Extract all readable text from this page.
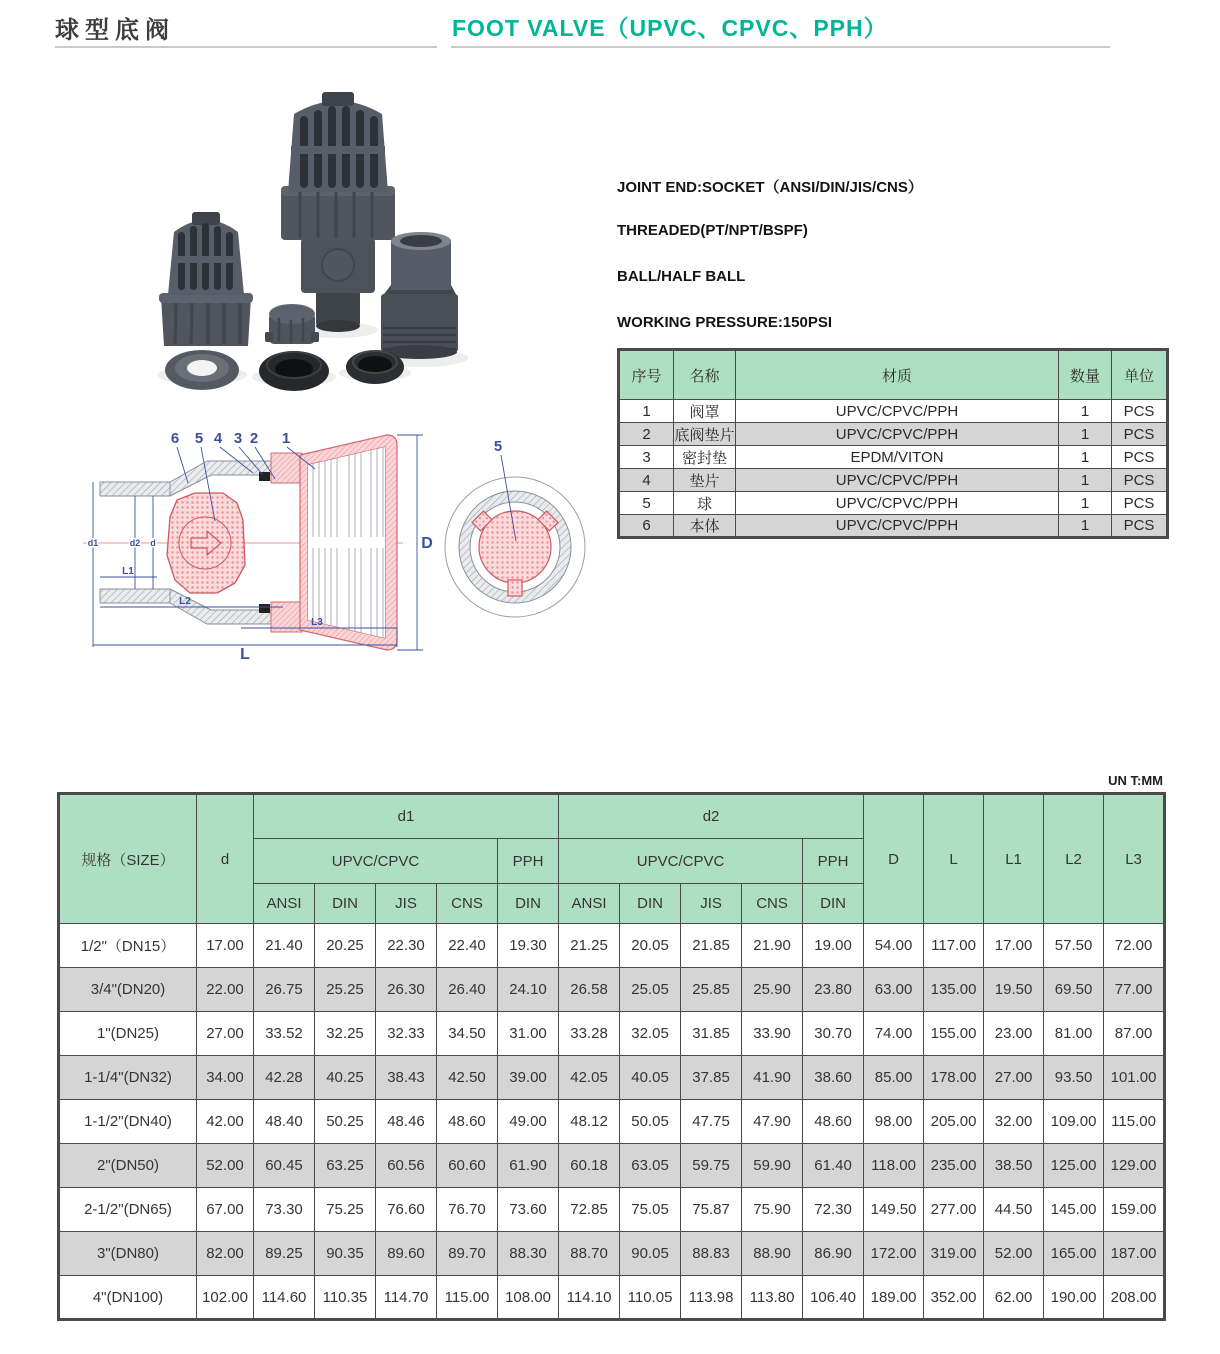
球型底阀	FOOT VALVE（UPVC、CPVC、PPH）
6 5 4 3 2 1
d1	d2 d
L1
L2
L3
L
D
5
JOINT END:SOCKET（ANSI/DIN/JIS/CNS）
THREADED(PT/NPT/BSPF)
BALL/HALF BALL
WORKING PRESSURE:150PSI
序号	名称	材质	数量	单位
1	阀罩	UPVC/CPVC/PPH	1	PCS
2	底阀垫片	UPVC/CPVC/PPH	1	PCS
3	密封垫	EPDM/VITON	1	PCS
4	垫片	UPVC/CPVC/PPH	1	PCS
5	球	UPVC/CPVC/PPH	1	PCS
6	本体	UPVC/CPVC/PPH	1	PCS
UN T:MM
规格（SIZE）	d	d1					d2					D	L	L1	L2	L3
		UPVC/CPVC				PPH	UPVC/CPVC				PPH					
		ANSI	DIN	JIS	CNS	DIN	ANSI	DIN	JIS	CNS	DIN					
1/2"（DN15）	17.00	21.40	20.25	22.30	22.40	19.30	21.25	20.05	21.85	21.90	19.00	54.00	117.00	17.00	57.50	72.00
3/4"(DN20)	22.00	26.75	25.25	26.30	26.40	24.10	26.58	25.05	25.85	25.90	23.80	63.00	135.00	19.50	69.50	77.00
1"(DN25)	27.00	33.52	32.25	32.33	34.50	31.00	33.28	32.05	31.85	33.90	30.70	74.00	155.00	23.00	81.00	87.00
1-1/4"(DN32)	34.00	42.28	40.25	38.43	42.50	39.00	42.05	40.05	37.85	41.90	38.60	85.00	178.00	27.00	93.50	101.00
1-1/2"(DN40)	42.00	48.40	50.25	48.46	48.60	49.00	48.12	50.05	47.75	47.90	48.60	98.00	205.00	32.00	109.00	115.00
2"(DN50)	52.00	60.45	63.25	60.56	60.60	61.90	60.18	63.05	59.75	59.90	61.40	118.00	235.00	38.50	125.00	129.00
2-1/2"(DN65)	67.00	73.30	75.25	76.60	76.70	73.60	72.85	75.05	75.87	75.90	72.30	149.50	277.00	44.50	145.00	159.00
3"(DN80)	82.00	89.25	90.35	89.60	89.70	88.30	88.70	90.05	88.83	88.90	86.90	172.00	319.00	52.00	165.00	187.00
4"(DN100)	102.00	114.60	110.35	114.70	115.00	108.00	114.10	110.05	113.98	113.80	106.40	189.00	352.00	62.00	190.00	208.00
